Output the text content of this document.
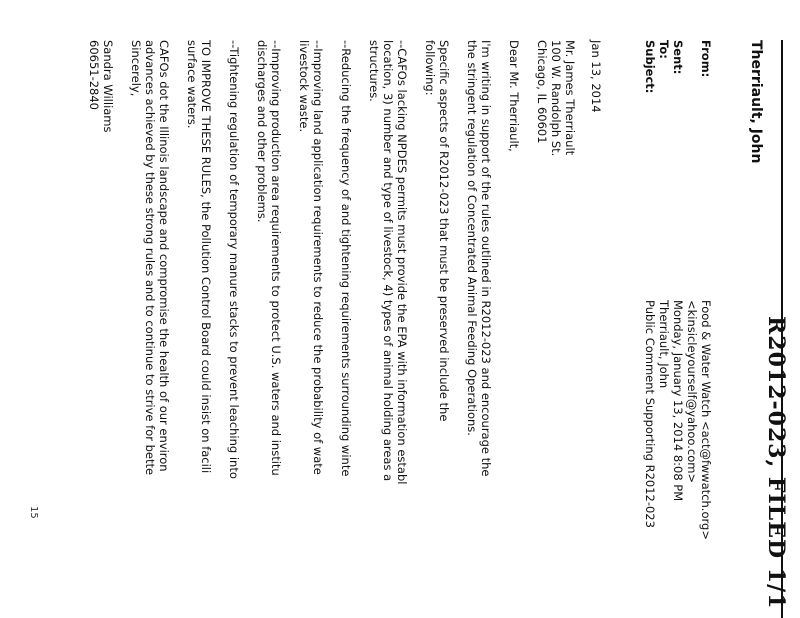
R2012-023, FILED 1/1
Therriault, John
From:
Sent:
To:
Subject:
Food & Water Watch <act@fwwatch.org>
<kinsicleyourself@yahoo.com>
Monday, January 13, 2014 8:08 PM
Therriault, John
Public Comment Supporting R2012-023
Jan 13, 2014
Mr. James Therriault
100 W. Randolph St.
Chicago, IL 60601
Dear Mr. Therriault,
I'm writing in support of the rules outlined in R2012-023 and encourage the
the stringent regulation of Concentrated Animal Feeding Operations.
Specific aspects of R2012-023 that must be preserved include the
following:
--CAFOs lacking NPDES permits must provide the EPA with information establ
location, 3) number and type of livestock, 4) types of animal holding areas a
structures.
--Reducing the frequency of and tightening requirements surrounding winte
--Improving land application requirements to reduce the probability of wate
livestock waste.
--Improving production area requirements to protect U.S. waters and institu
discharges and other problems.
--Tightening regulation of temporary manure stacks to prevent leaching into
TO IMPROVE THESE RULES, the Pollution Control Board could insist on facili
surface waters.
CAFOs dot the Illinois landscape and compromise the health of our environ
advances achieved by these strong rules and to continue to strive for bette
Sincerely,
Sandra Williams
60651-2840
15
